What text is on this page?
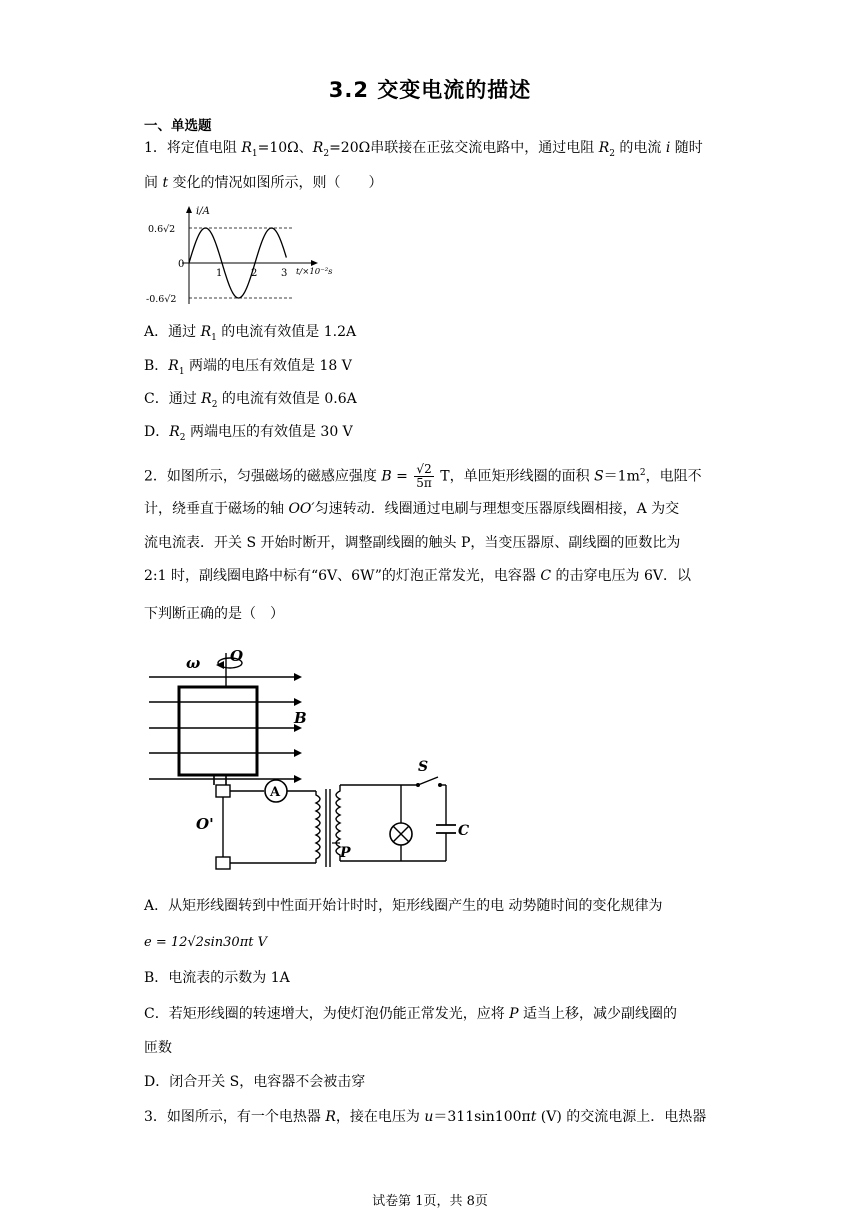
3.2 交变电流的描述
一、单选题
1．将定值电阻 $R_1=10\Omega$、$R_2=20\Omega$串联接在正弦交流电路中，通过电阻 $R_2$ 的电流 i 随时
间 t 变化的情况如图所示，则（　　）
i/A
0.6√2
-0.6√2
0
1	2 3 t/×10⁻²s
A．通过 $R_1$ 的电流有效值是 1.2A
B．$R_1$ 两端的电压有效值是 18 V
C．通过 $R_2$ 的电流有效值是 0.6A
D．$R_2$ 两端电压的有效值是 30 V
2．如图所示，匀强磁场的磁感应强度 $B = \frac{√2}{5\pi}$ T，单匝矩形线圈的面积 $S=1m^2$，电阻不
计，绕垂直于磁场的轴 OO′匀速转动．线圈通过电刷与理想变压器原线圈相接，A 为交
流电流表．开关 S 开始时断开，调整副线圈的触头 P，当变压器原、副线圈的匝数比为
2:1 时，副线圈电路中标有“6V、6W”的灯泡正常发光，电容器 C 的击穿电压为 6V．以
下判断正确的是（　）
ω O
B
O'
A
P
S
C
A．从矩形线圈转到中性面开始计时时，矩形线圈产生的电 动势随时间的变化规律为
e = 12√2sin30πt V
B．电流表的示数为 1A
C．若矩形线圈的转速增大，为使灯泡仍能正常发光，应将 P 适当上移，减少副线圈的
匝数
D．闭合开关 S，电容器不会被击穿
3．如图所示，有一个电热器 R，接在电压为 u＝311sin100πt (V) 的交流电源上．电热器
试卷第 1页，共 8页
